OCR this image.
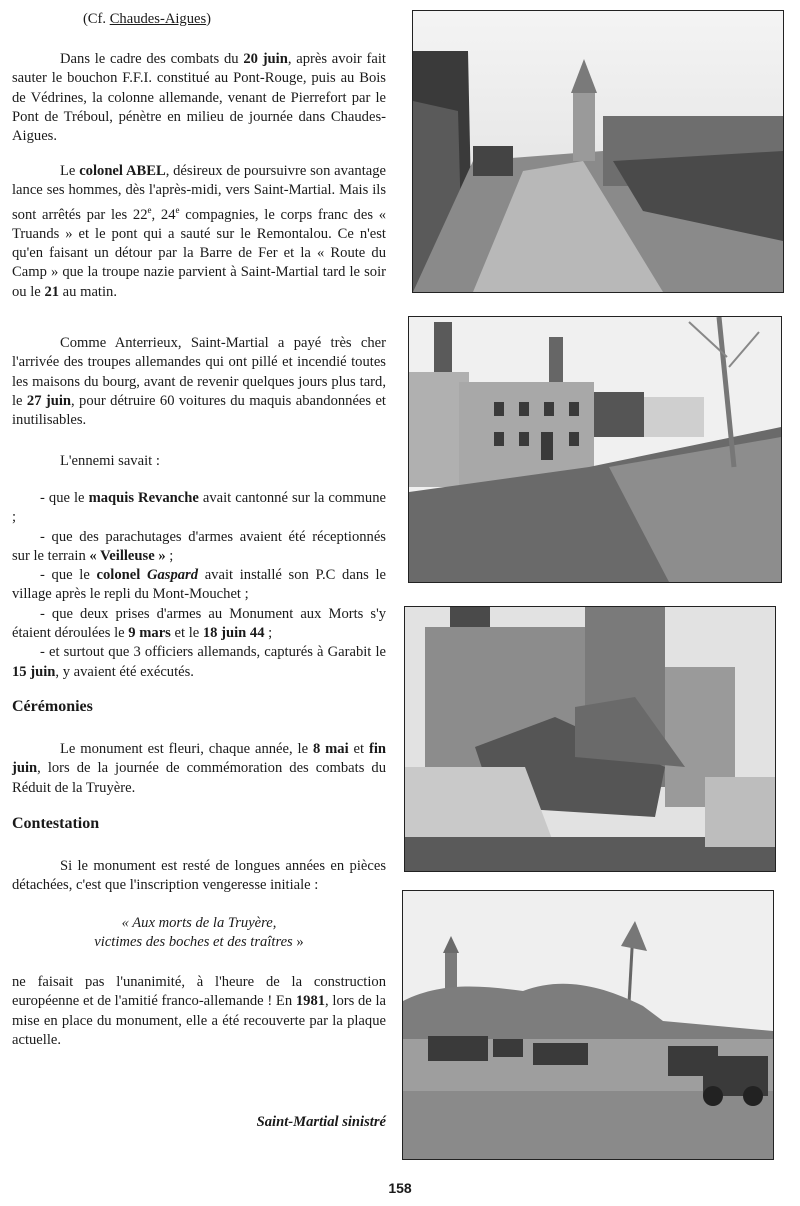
(Cf. Chaudes-Aigues)

Dans le cadre des combats du 20 juin, après avoir fait sauter le bouchon F.F.I. constitué au Pont-Rouge, puis au Bois de Védrines, la colonne allemande, venant de Pierrefort par le Pont de Tréboul, pénètre en milieu de journée dans Chaudes-Aigues.

Le colonel ABEL, désireux de poursuivre son avantage lance ses hommes, dès l'après-midi, vers Saint-Martial. Mais ils sont arrêtés par les 22e, 24e compagnies, le corps franc des « Truands » et le pont qui a sauté sur le Remontalou. Ce n'est qu'en faisant un détour par la Barre de Fer et la « Route du Camp » que la troupe nazie parvient à Saint-Martial tard le soir ou le 21 au matin.

Comme Anterrieux, Saint-Martial a payé très cher l'arrivée des troupes allemandes qui ont pillé et incendié toutes les maisons du bourg, avant de revenir quelques jours plus tard, le 27 juin, pour détruire 60 voitures du maquis abandonnées et inutilisables.

L'ennemi savait :

- que le maquis Revanche avait cantonné sur la commune ;

- que des parachutages d'armes avaient été réceptionnés sur le terrain « Veilleuse » ;

- que le colonel Gaspard avait installé son P.C dans le village après le repli du Mont-Mouchet ;

- que deux prises d'armes au Monument aux Morts s'y étaient déroulées le 9 mars et le 18 juin 44 ;

- et surtout que 3 officiers allemands, capturés à Garabit le 15 juin, y avaient été exécutés.

Cérémonies

Le monument est fleuri, chaque année, le 8 mai et fin juin, lors de la journée de commémoration des combats du Réduit de la Truyère.

Contestation

Si le monument est resté de longues années en pièces détachées, c'est que l'inscription vengeresse initiale :

« Aux morts de la Truyère,
victimes des boches et des traîtres »

ne faisait pas l'unanimité, à l'heure de la construction européenne et de l'amitié franco-allemande ! En 1981, lors de la mise en place du monument, elle a été recouverte par la plaque actuelle.

Saint-Martial sinistré
158
